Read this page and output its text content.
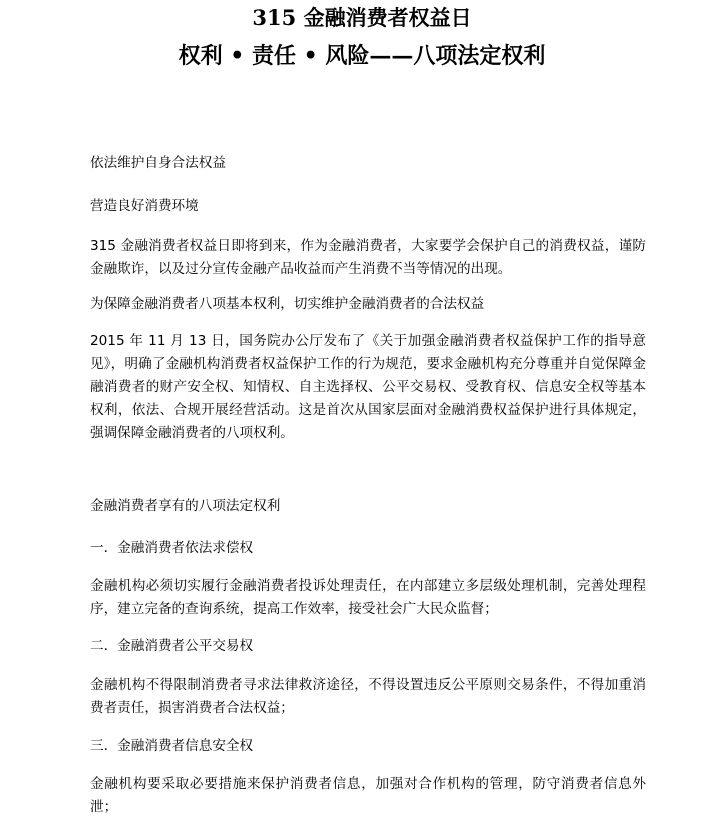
315 金融消费者权益日
权利 • 责任 • 风险——八项法定权利
依法维护自身合法权益
营造良好消费环境
315 金融消费者权益日即将到来，作为金融消费者，大家要学会保护自己的消费权益，谨防金融欺诈，以及过分宣传金融产品收益而产生消费不当等情况的出现。
为保障金融消费者八项基本权利，切实维护金融消费者的合法权益
2015 年 11 月 13 日，国务院办公厅发布了《关于加强金融消费者权益保护工作的指导意见》，明确了金融机构消费者权益保护工作的行为规范，要求金融机构充分尊重并自觉保障金融消费者的财产安全权、知情权、自主选择权、公平交易权、受教育权、信息安全权等基本权利，依法、合规开展经营活动。这是首次从国家层面对金融消费权益保护进行具体规定，强调保障金融消费者的八项权利。
金融消费者享有的八项法定权利
一．金融消费者依法求偿权
金融机构必须切实履行金融消费者投诉处理责任，在内部建立多层级处理机制，完善处理程序，建立完备的查询系统，提高工作效率，接受社会广大民众监督；
二．金融消费者公平交易权
金融机构不得限制消费者寻求法律救济途径，不得设置违反公平原则交易条件，不得加重消费者责任，损害消费者合法权益；
三．金融消费者信息安全权
金融机构要采取必要措施来保护消费者信息，加强对合作机构的管理，防守消费者信息外泄；
